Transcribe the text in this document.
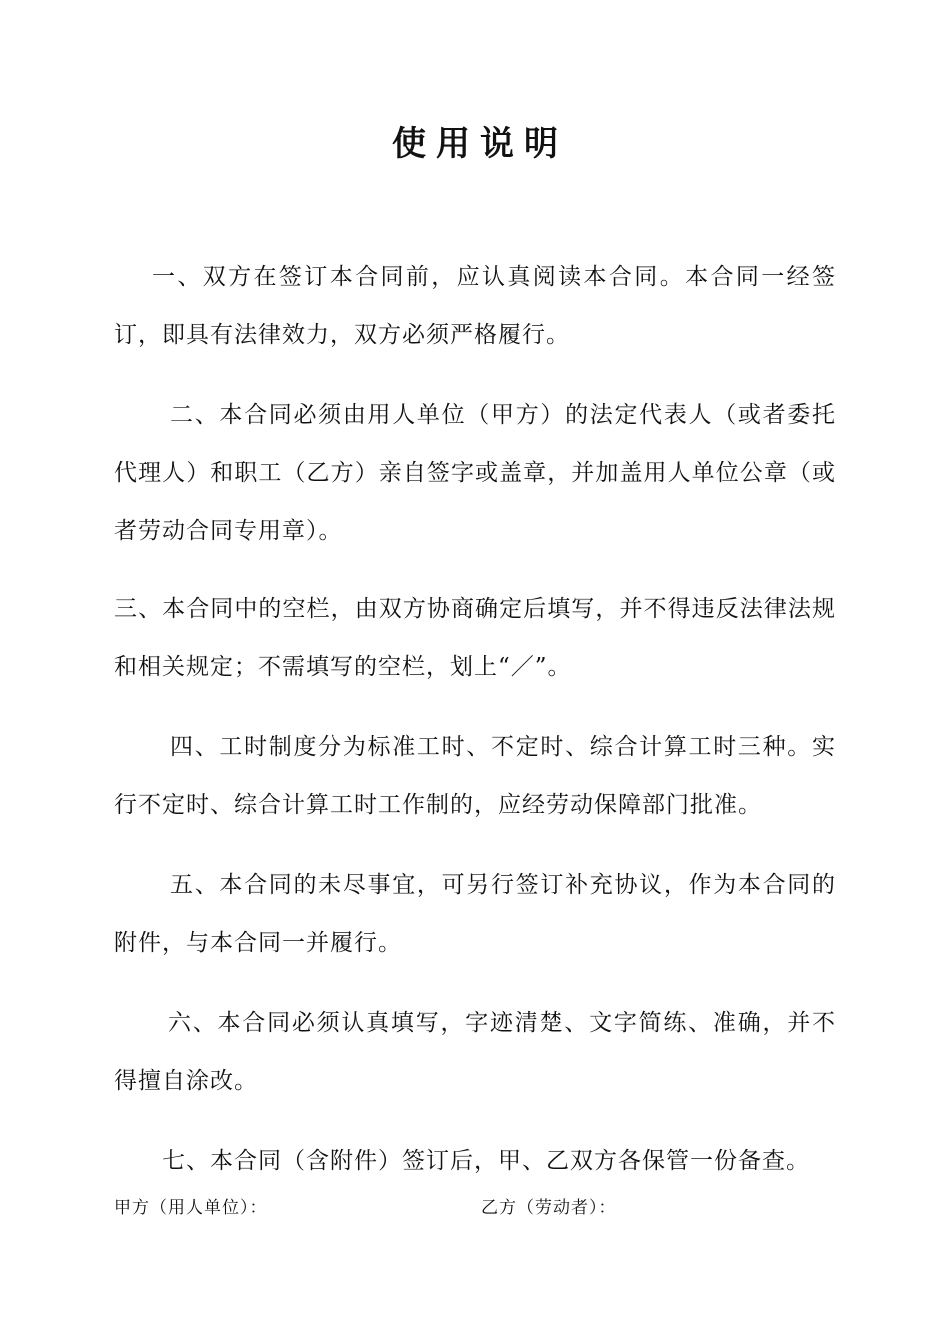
使用说明
一、双方在签订本合同前，应认真阅读本合同。本合同一经签订，即具有法律效力，双方必须严格履行。
二、本合同必须由用人单位（甲方）的法定代表人（或者委托代理人）和职工（乙方）亲自签字或盖章，并加盖用人单位公章（或者劳动合同专用章）。
三、本合同中的空栏，由双方协商确定后填写，并不得违反法律法规和相关规定；不需填写的空栏，划上“／”。
四、工时制度分为标准工时、不定时、综合计算工时三种。实行不定时、综合计算工时工作制的，应经劳动保障部门批准。
五、本合同的未尽事宜，可另行签订补充协议，作为本合同的附件，与本合同一并履行。
六、本合同必须认真填写，字迹清楚、文字简练、准确，并不得擅自涂改。
七、本合同（含附件）签订后，甲、乙双方各保管一份备查。
甲方（用人单位）：	乙方（劳动者）：
